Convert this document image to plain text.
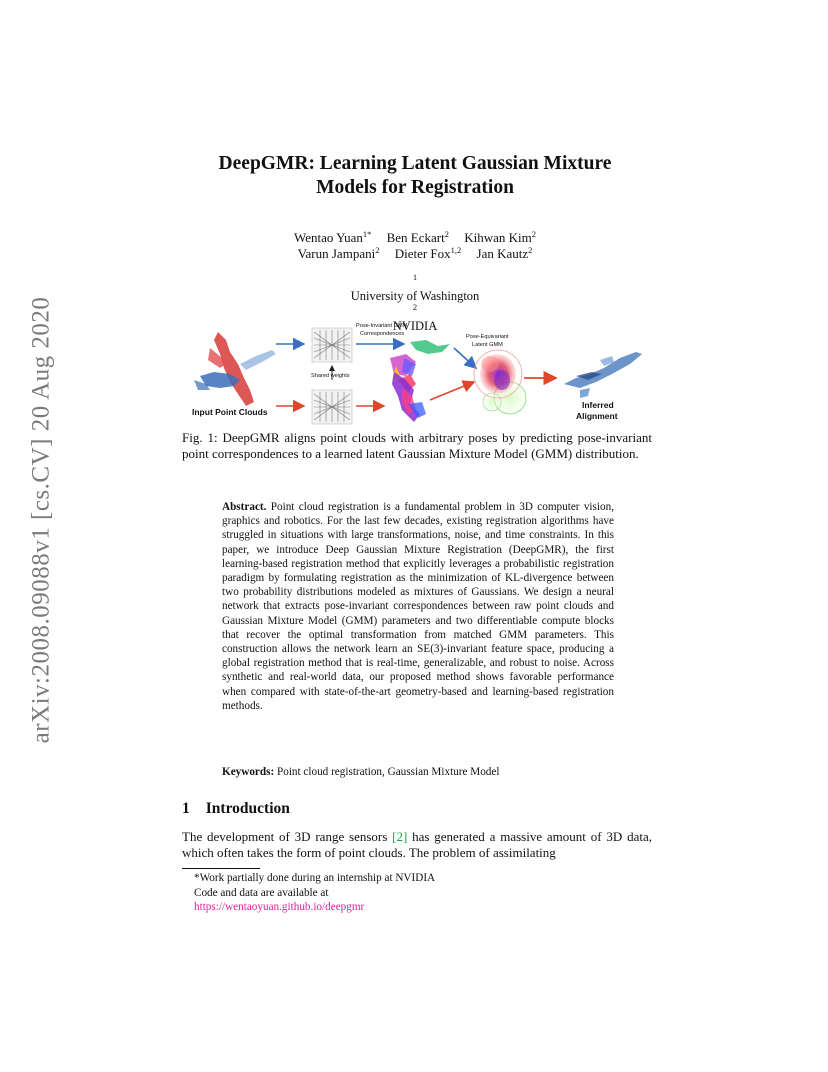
arXiv:2008.09088v1 [cs.CV] 20 Aug 2020
DeepGMR: Learning Latent Gaussian Mixture
Models for Registration
Wentao Yuan$^{1*}$ Ben Eckart$^2$ Kihwan Kim$^2$
Varun Jampani$^2$ Dieter Fox$^{1,2}$ Jan Kautz$^2$
$^1$
University of Washington
$^2$
NVIDIA
Input Point Clouds
Shared weights
Pose-Invariant GMM
Correspondences	Pose-Equivariant
Latent GMM
Inferred
Alignment
Fig. 1: DeepGMR aligns point clouds with arbitrary poses by predicting pose-invariant point correspondences to a learned latent Gaussian Mixture Model (GMM) distribution.
Abstract. Point cloud registration is a fundamental problem in 3D computer vision, graphics and robotics. For the last few decades, existing registration algorithms have struggled in situations with large transformations, noise, and time constraints. In this paper, we introduce Deep Gaussian Mixture Registration (DeepGMR), the first learning-based registration method that explicitly leverages a probabilistic registration paradigm by formulating registration as the minimization of KL-divergence between two probability distributions modeled as mixtures of Gaussians. We design a neural network that extracts pose-invariant correspondences between raw point clouds and Gaussian Mixture Model (GMM) parameters and two differentiable compute blocks that recover the optimal transformation from matched GMM parameters. This construction allows the network learn an SE(3)-invariant feature space, producing a global registration method that is real-time, generalizable, and robust to noise. Across synthetic and real-world data, our proposed method shows favorable performance when compared with state-of-the-art geometry-based and learning-based registration methods.
Keywords: Point cloud registration, Gaussian Mixture Model
1 Introduction
The development of 3D range sensors [2] has generated a massive amount of 3D data, which often takes the form of point clouds. The problem of assimilating
*Work partially done during an internship at NVIDIA
Code and data are available at
https://wentaoyuan.github.io/deepgmr
